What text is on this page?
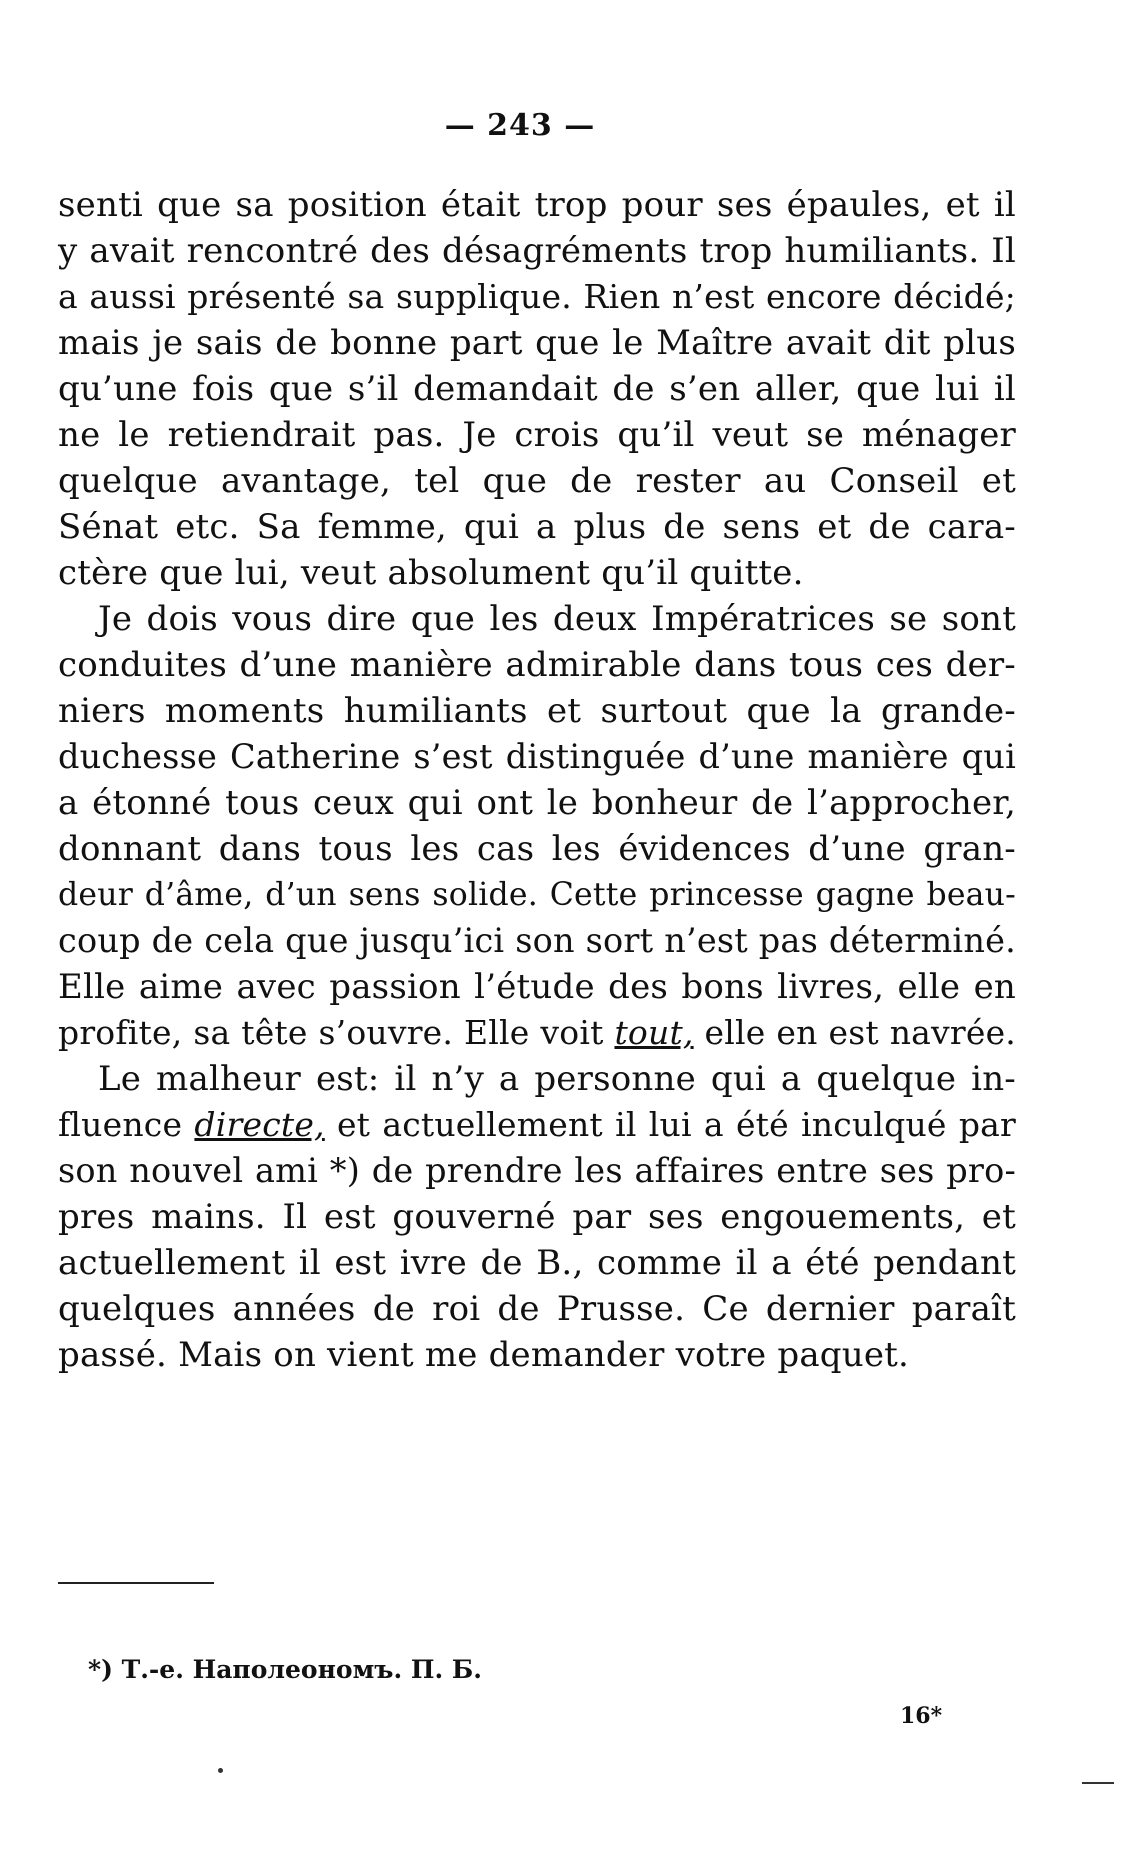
— 243 —
senti que sa position était trop pour ses épaules, et il
y avait rencontré des désagréments trop humiliants. Il
a aussi présenté sa supplique. Rien n’est encore décidé;
mais je sais de bonne part que le Maître avait dit plus
qu’une fois que s’il demandait de s’en aller, que lui il
ne le retiendrait pas. Je crois qu’il veut se ménager
quelque avantage, tel que de rester au Conseil et
Sénat etc. Sa femme, qui a plus de sens et de cara-
ctère que lui, veut absolument qu’il quitte.
Je dois vous dire que les deux Impératrices se sont
conduites d’une manière admirable dans tous ces der-
niers moments humiliants et surtout que la grande-
duchesse Catherine s’est distinguée d’une manière qui
a étonné tous ceux qui ont le bonheur de l’approcher,
donnant dans tous les cas les évidences d’une gran-
deur d’âme, d’un sens solide. Cette princesse gagne beau-
coup de cela que jusqu’ici son sort n’est pas déterminé.
Elle aime avec passion l’étude des bons livres, elle en
profite, sa tête s’ouvre. Elle voit tout, elle en est navrée.
Le malheur est: il n’y a personne qui a quelque in-
fluence directe, et actuellement il lui a été inculqué par
son nouvel ami *) de prendre les affaires entre ses pro-
pres mains. Il est gouverné par ses engouements, et
actuellement il est ivre de B., comme il a été pendant
quelques années de roi de Prusse. Ce dernier paraît
passé. Mais on vient me demander votre paquet.
*) Т.-е. Наполеономъ. П. Б.
16*
